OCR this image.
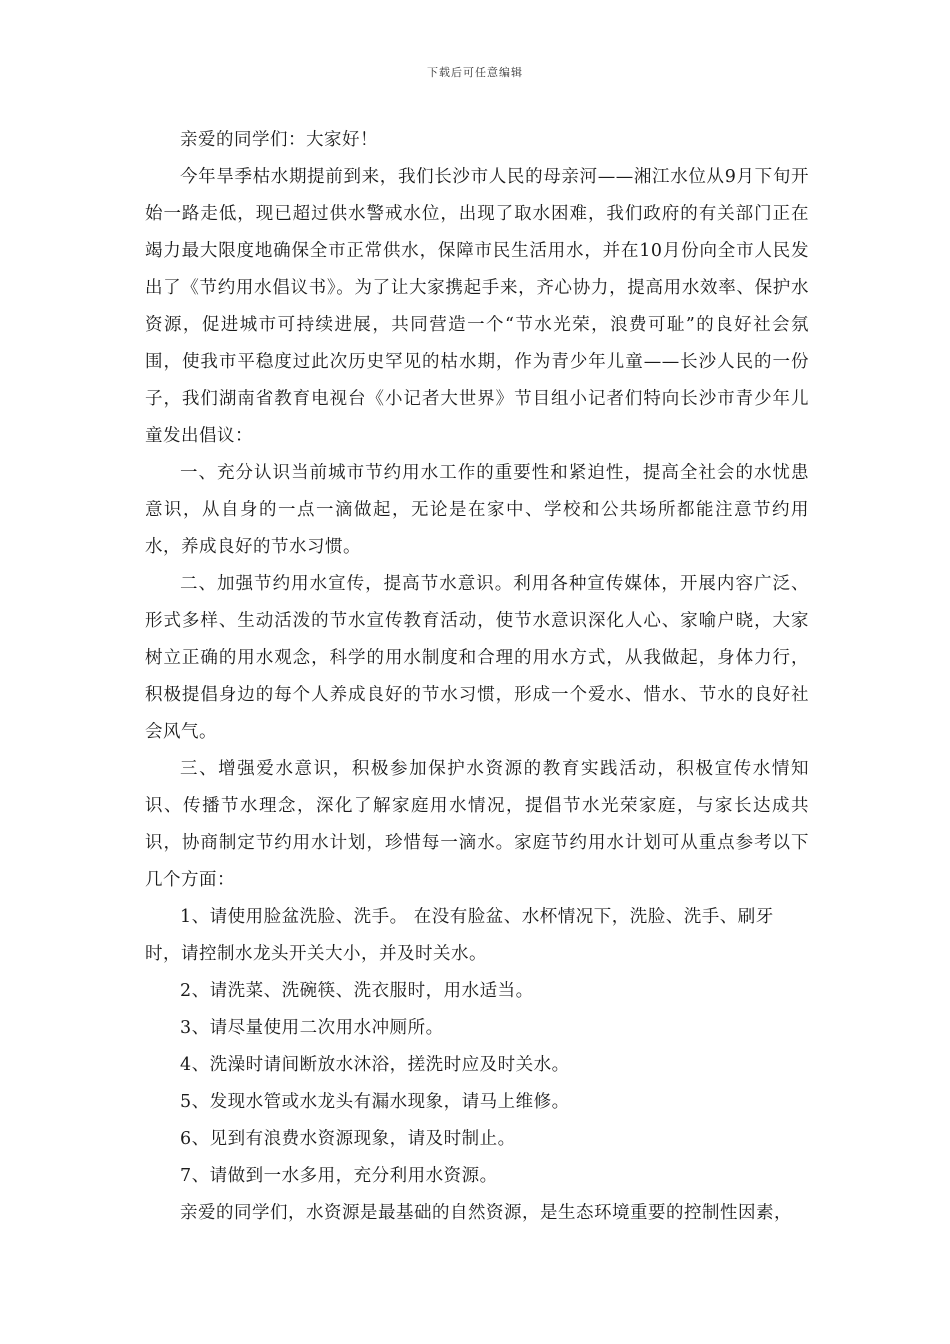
下载后可任意编辑

亲爱的同学们：大家好！

今年旱季枯水期提前到来，我们长沙市人民的母亲河——湘江水位从9月下旬开始一路走低，现已超过供水警戒水位，出现了取水困难，我们政府的有关部门正在竭力最大限度地确保全市正常供水，保障市民生活用水，并在10月份向全市人民发出了《节约用水倡议书》。为了让大家携起手来，齐心协力，提高用水效率、保护水资源，促进城市可持续进展，共同营造一个“节水光荣，浪费可耻”的良好社会氛围，使我市平稳度过此次历史罕见的枯水期，作为青少年儿童——长沙人民的一份子，我们湖南省教育电视台《小记者大世界》节目组小记者们特向长沙市青少年儿童发出倡议：

一、充分认识当前城市节约用水工作的重要性和紧迫性，提高全社会的水忧患意识，从自身的一点一滴做起，无论是在家中、学校和公共场所都能注意节约用水，养成良好的节水习惯。

二、加强节约用水宣传，提高节水意识。利用各种宣传媒体，开展内容广泛、形式多样、生动活泼的节水宣传教育活动，使节水意识深化人心、家喻户晓，大家树立正确的用水观念，科学的用水制度和合理的用水方式，从我做起，身体力行，积极提倡身边的每个人养成良好的节水习惯，形成一个爱水、惜水、节水的良好社会风气。

三、增强爱水意识，积极参加保护水资源的教育实践活动，积极宣传水情知识、传播节水理念，深化了解家庭用水情况，提倡节水光荣家庭，与家长达成共识，协商制定节约用水计划，珍惜每一滴水。家庭节约用水计划可从重点参考以下几个方面：

1、请使用脸盆洗脸、洗手。 在没有脸盆、水杯情况下，洗脸、洗手、刷牙时，请控制水龙头开关大小，并及时关水。

2、请洗菜、洗碗筷、洗衣服时，用水适当。

3、请尽量使用二次用水冲厕所。

4、洗澡时请间断放水沐浴，搓洗时应及时关水。

5、发现水管或水龙头有漏水现象，请马上维修。

6、见到有浪费水资源现象，请及时制止。

7、请做到一水多用，充分利用水资源。

亲爱的同学们，水资源是最基础的自然资源，是生态环境重要的控制性因素，
